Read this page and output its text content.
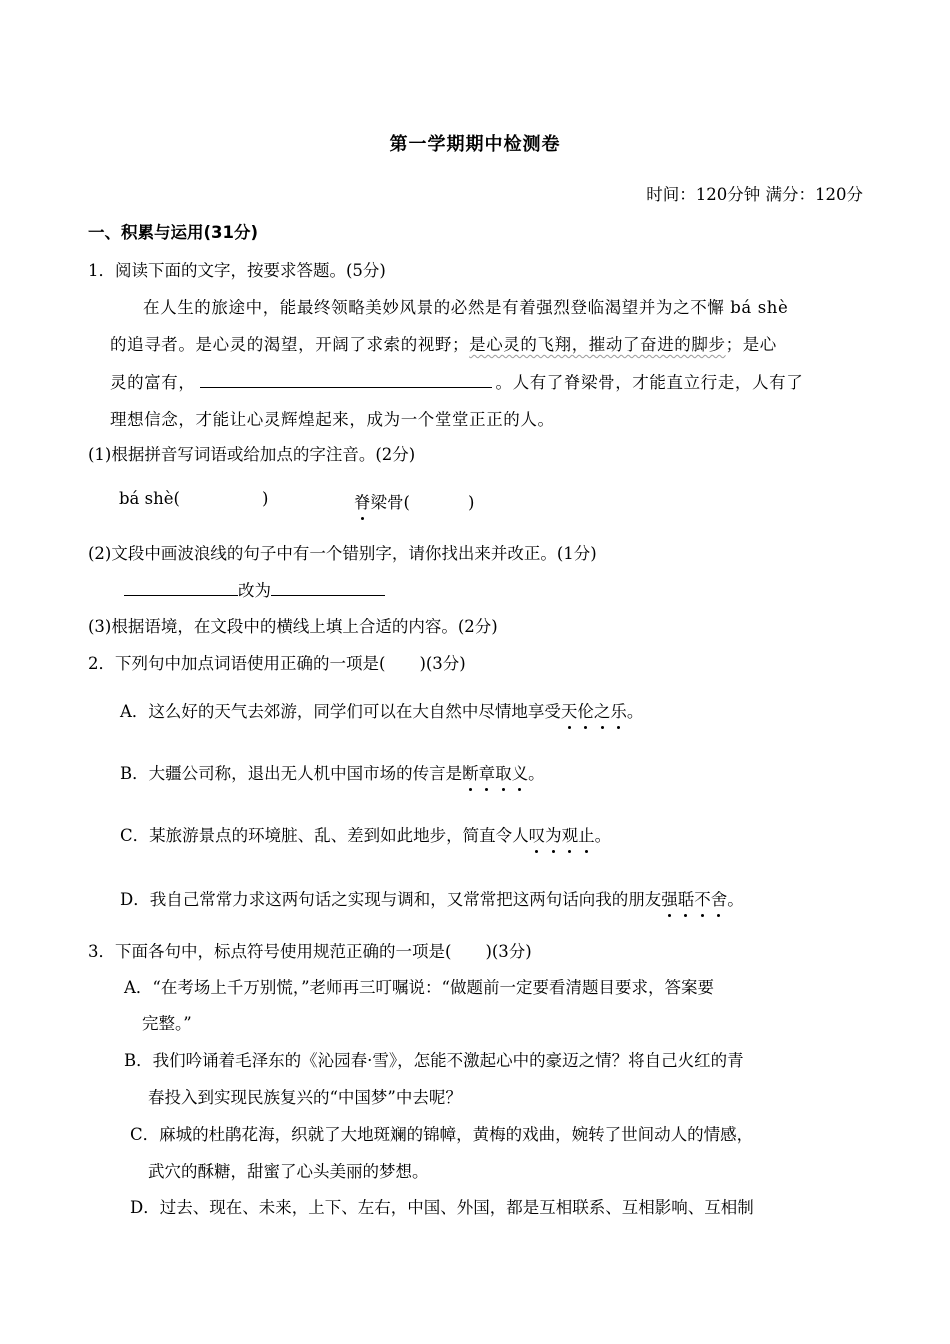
第一学期期中检测卷
时间：120分钟 满分：120分
一、积累与运用(31分)
1．阅读下面的文字，按要求答题。(5分)
在人生的旅途中，能最终领略美妙风景的必然是有着强烈登临渴望并为之不懈 bá shè
的追寻者。是心灵的渴望，开阔了求索的视野；是心灵的飞翔，摧动了奋进的脚步；是心
灵的富有，	。人有了脊梁骨，才能直立行走，人有了
理想信念，才能让心灵辉煌起来，成为一个堂堂正正的人。
(1)根据拼音写词语或给加点的字注音。(2分)
bá shè(	)	脊梁骨(	)
(2)文段中画波浪线的句子中有一个错别字，请你找出来并改正。(1分)
改为
(3)根据语境，在文段中的横线上填上合适的内容。(2分)
2．下列句中加点词语使用正确的一项是( )(3分)
A．这么好的天气去郊游，同学们可以在大自然中尽情地享受天伦之乐。
B．大疆公司称，退出无人机中国市场的传言是断章取义。
C．某旅游景点的环境脏、乱、差到如此地步，简直令人叹为观止。
D．我自己常常力求这两句话之实现与调和，又常常把这两句话向我的朋友强聒不舍。
3．下面各句中，标点符号使用规范正确的一项是( )(3分)
A．“在考场上千万别慌，”老师再三叮嘱说：“做题前一定要看清题目要求，答案要
完整。”
B．我们吟诵着毛泽东的《沁园春·雪》，怎能不激起心中的豪迈之情？将自己火红的青
春投入到实现民族复兴的“中国梦”中去呢？
C．麻城的杜鹃花海，织就了大地斑斓的锦幛，黄梅的戏曲，婉转了世间动人的情感，
武穴的酥糖，甜蜜了心头美丽的梦想。
D．过去、现在、未来，上下、左右，中国、外国，都是互相联系、互相影响、互相制
